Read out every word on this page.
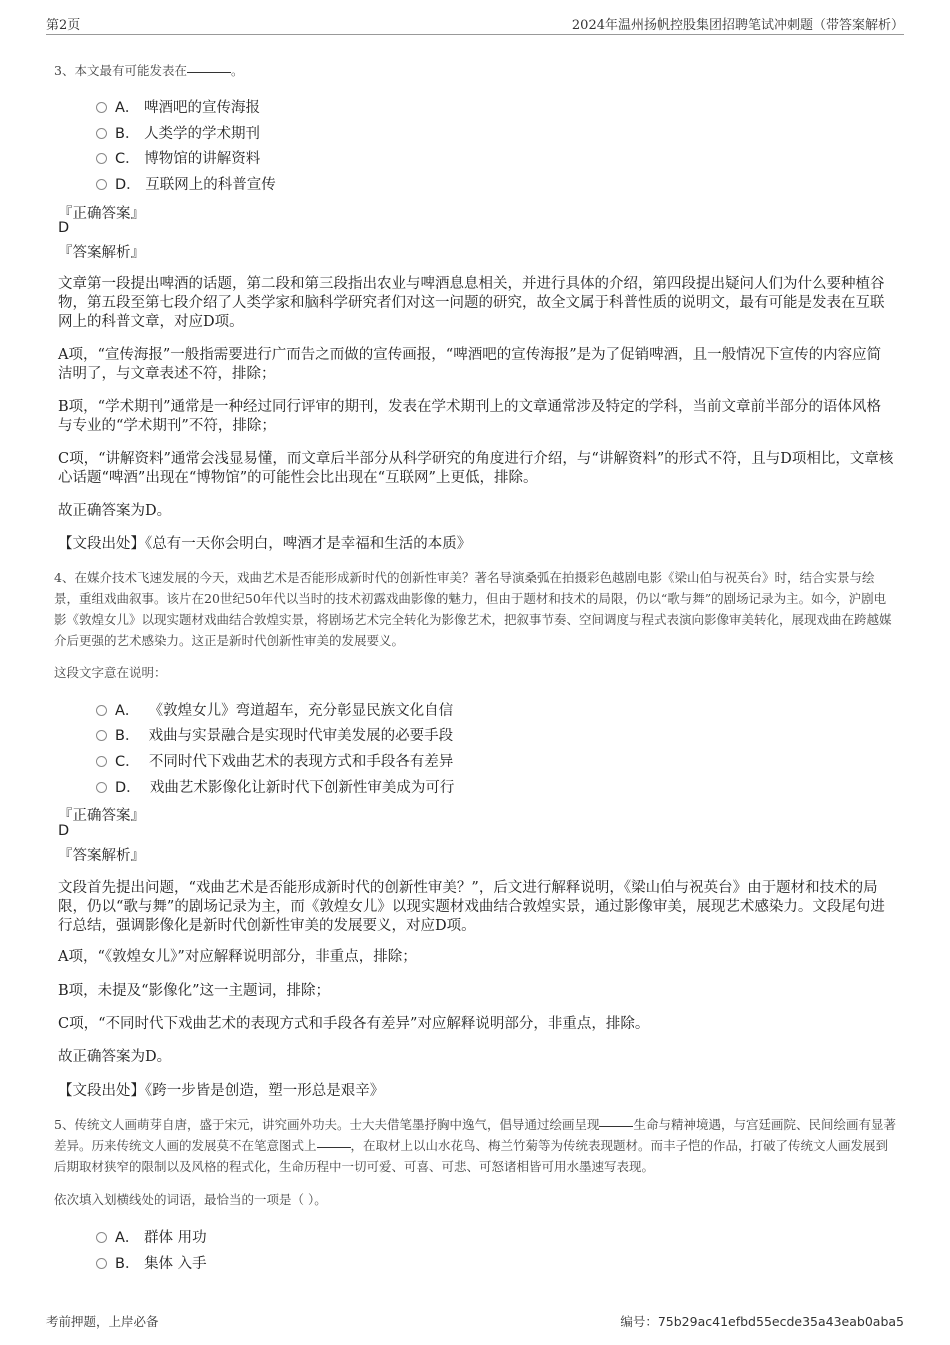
第2页	2024年温州扬帆控股集团招聘笔试冲刺题（带答案解析）
3、本文最有可能发表在	。
A． 啤酒吧的宣传海报
B． 人类学的学术期刊
C． 博物馆的讲解资料
D． 互联网上的科普宣传
『正确答案』
D
『答案解析』
文章第一段提出啤酒的话题，第二段和第三段指出农业与啤酒息息相关，并进行具体的介绍，第四段提出疑问人们为什么要种植谷物，第五段至第七段介绍了人类学家和脑科学研究者们对这一问题的研究，故全文属于科普性质的说明文，最有可能是发表在互联网上的科普文章，对应D项。
A项，“宣传海报”一般指需要进行广而告之而做的宣传画报，“啤酒吧的宣传海报”是为了促销啤酒，且一般情况下宣传的内容应简洁明了，与文章表述不符，排除；
B项，“学术期刊”通常是一种经过同行评审的期刊，发表在学术期刊上的文章通常涉及特定的学科，当前文章前半部分的语体风格与专业的“学术期刊”不符，排除；
C项，“讲解资料”通常会浅显易懂，而文章后半部分从科学研究的角度进行介绍，与“讲解资料”的形式不符，且与D项相比，文章核心话题“啤酒”出现在“博物馆”的可能性会比出现在“互联网”上更低，排除。
故正确答案为D。
【文段出处】《总有一天你会明白，啤酒才是幸福和生活的本质》
4、在媒介技术飞速发展的今天，戏曲艺术是否能形成新时代的创新性审美？著名导演桑弧在拍摄彩色越剧电影《梁山伯与祝英台》时，结合实景与绘景，重组戏曲叙事。该片在20世纪50年代以当时的技术初露戏曲影像的魅力，但由于题材和技术的局限，仍以“歌与舞”的剧场记录为主。如今，沪剧电影《敦煌女儿》以现实题材戏曲结合敦煌实景，将剧场艺术完全转化为影像艺术，把叙事节奏、空间调度与程式表演向影像审美转化，展现戏曲在跨越媒介后更强的艺术感染力。这正是新时代创新性审美的发展要义。
这段文字意在说明：
A． 《敦煌女儿》弯道超车，充分彰显民族文化自信
B． 戏曲与实景融合是实现时代审美发展的必要手段
C． 不同时代下戏曲艺术的表现方式和手段各有差异
D． 戏曲艺术影像化让新时代下创新性审美成为可行
『正确答案』
D
『答案解析』
文段首先提出问题，“戏曲艺术是否能形成新时代的创新性审美？”，后文进行解释说明，《梁山伯与祝英台》由于题材和技术的局限，仍以“歌与舞”的剧场记录为主，而《敦煌女儿》以现实题材戏曲结合敦煌实景，通过影像审美，展现艺术感染力。文段尾句进行总结，强调影像化是新时代创新性审美的发展要义，对应D项。
A项，“《敦煌女儿》”对应解释说明部分，非重点，排除；
B项，未提及“影像化”这一主题词，排除；
C项，“不同时代下戏曲艺术的表现方式和手段各有差异”对应解释说明部分，非重点，排除。
故正确答案为D。
【文段出处】《跨一步皆是创造，塑一形总是艰辛》
5、传统文人画萌芽自唐，盛于宋元，讲究画外功夫。士大夫借笔墨抒胸中逸气，倡导通过绘画呈现	生命与精神境遇，与宫廷画院、民间绘画有显著差异。历来传统文人画的发展莫不在笔意图式上	，在取材上以山水花鸟、梅兰竹菊等为传统表现题材。而丰子恺的作品，打破了传统文人画发展到后期取材狭窄的限制以及风格的程式化，生命历程中一切可爱、可喜、可悲、可怒诸相皆可用水墨速写表现。
依次填入划横线处的词语，最恰当的一项是（ ）。
A． 群体 用功
B． 集体 入手
考前押题，上岸必备	编号：75b29ac41efbd55ecde35a43eab0aba5
